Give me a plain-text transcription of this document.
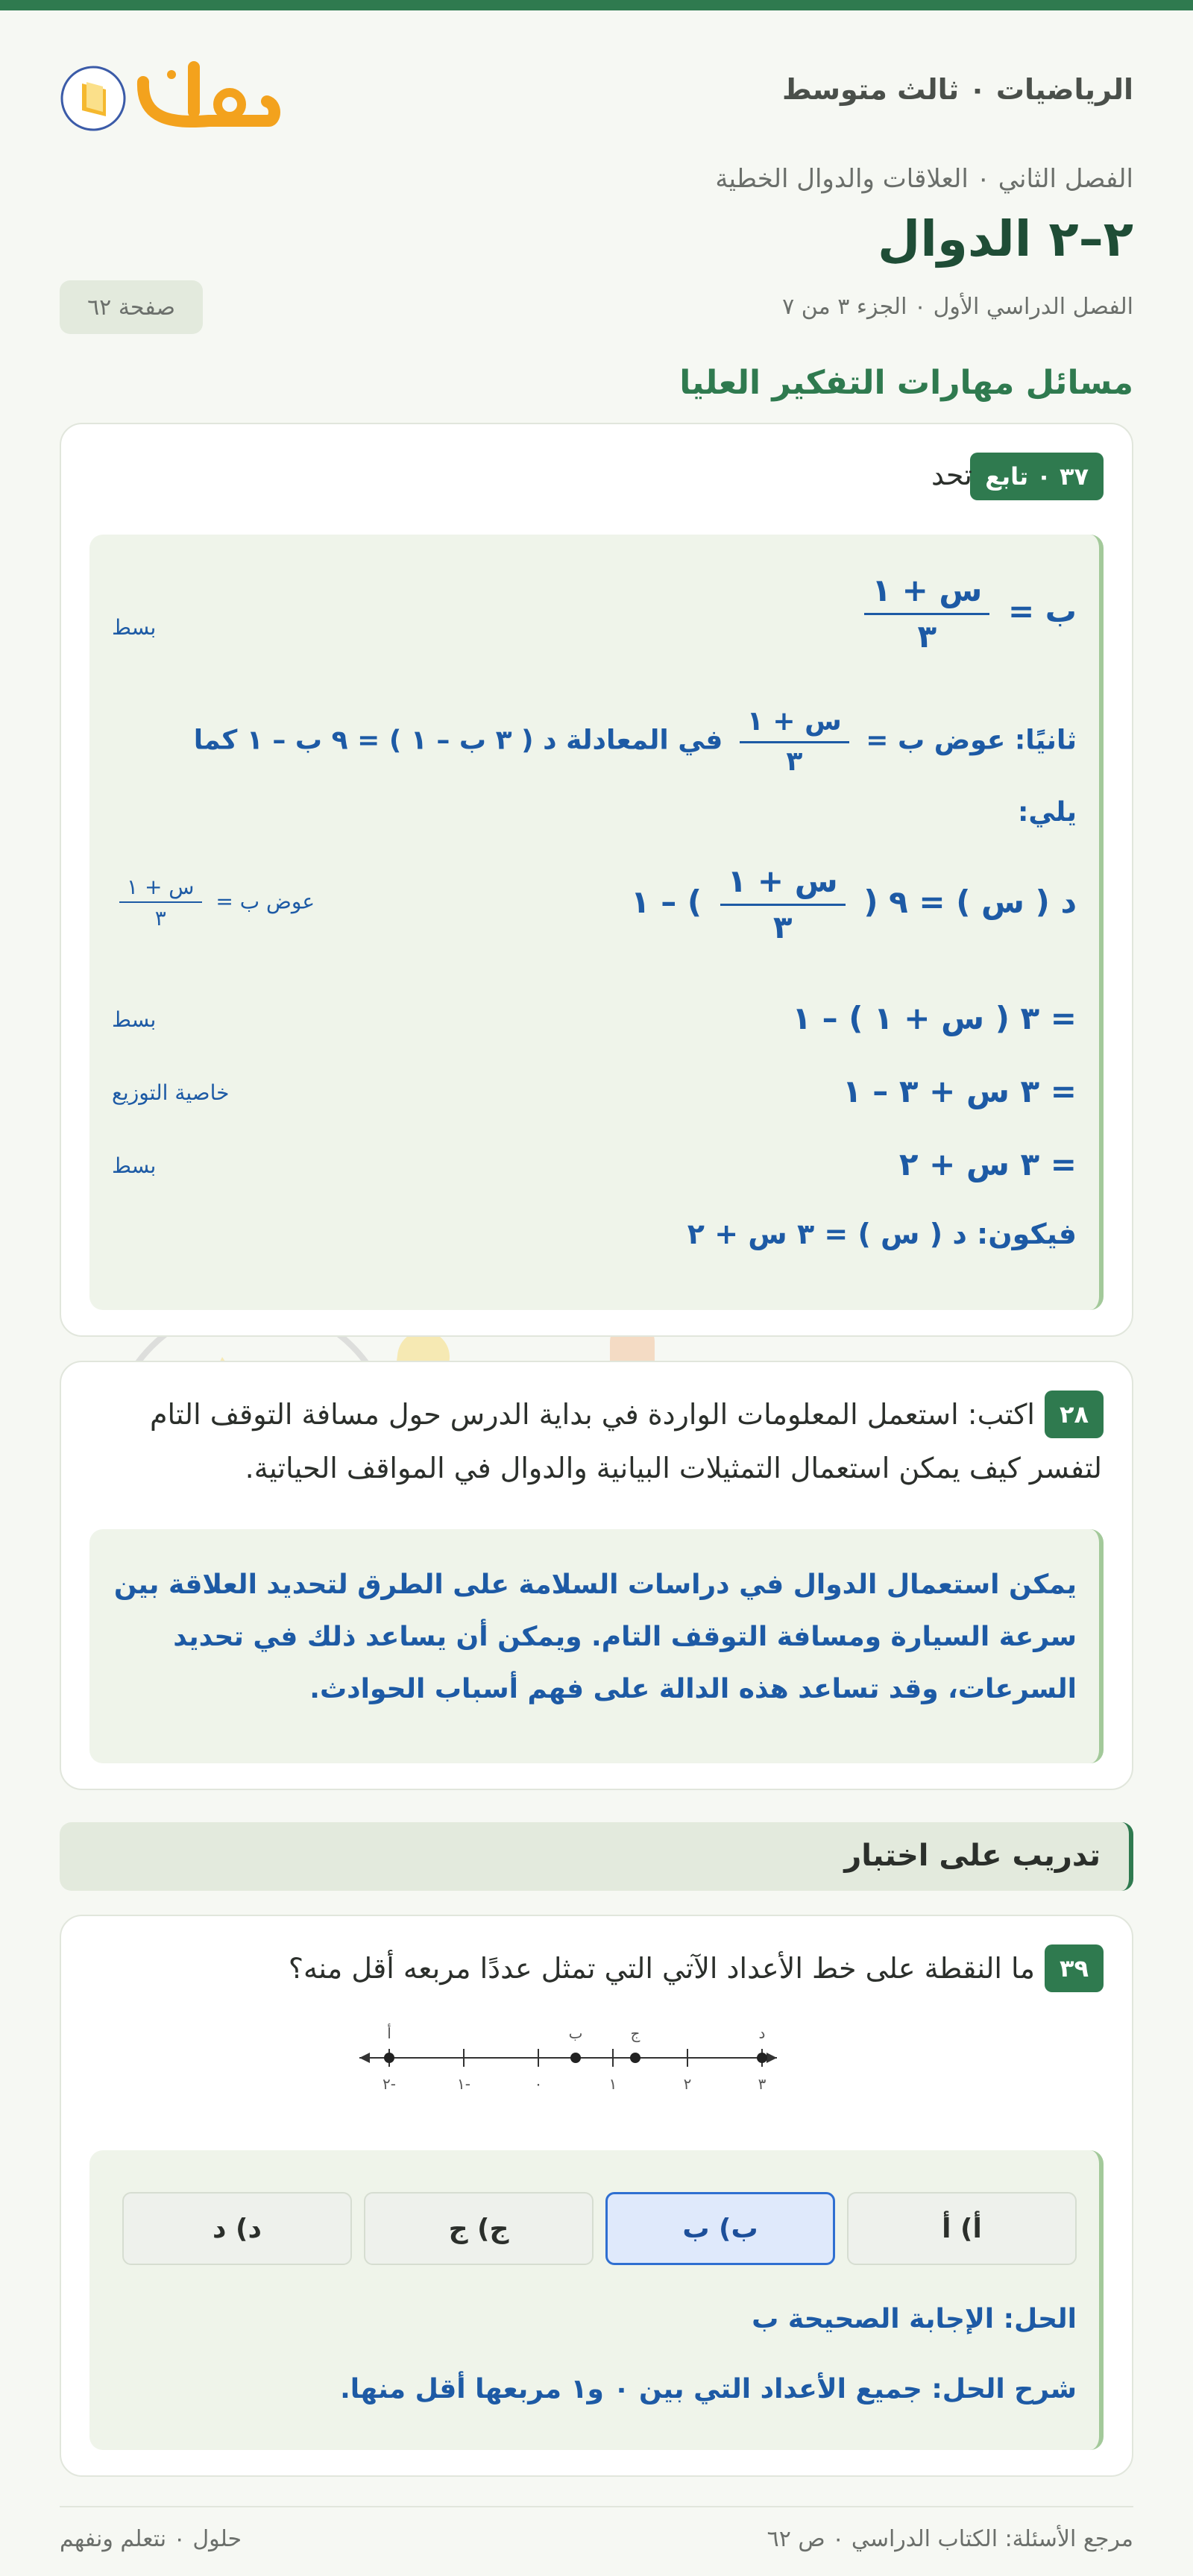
الرياضيات ٠ ثالث متوسط
الفصل الثاني ٠ العلاقات والدوال الخطية
٢–٢ الدوال
الفصل الدراسي الأول ٠ الجزء ٣ من ٧
صفحة ٦٢
مسائل مهارات التفكير العليا
٣٧ ٠ تابع
تحد
ب =
$\frac{\text{س + ١}}{٣}$
بسط
ثانيًا: عوض ب =
$\frac{\text{س + ١}}{٣}$
في المعادلة د ( ٣ ب – ١ ) = ٩ ب – ١ كما
يلي:
د ( س ) = ٩ (
$\frac{\text{س + ١}}{٣}$
) – ١
عوض ب =
$\frac{\text{س + ١}}{٣}$
= ٣ ( س + ١ ) – ١
بسط
= ٣ س + ٣ – ١
خاصية التوزيع
= ٣ س + ٢
بسط
فيكون: د ( س ) = ٣ س + ٢
٢٨
اكتب: استعمل المعلومات الواردة في بداية الدرس حول مسافة التوقف التام
لتفسر كيف يمكن استعمال التمثيلات البيانية والدوال في المواقف الحياتية.
يمكن استعمال الدوال في دراسات السلامة على الطرق لتحديد العلاقة بين
سرعة السيارة ومسافة التوقف التام. ويمكن أن يساعد ذلك في تحديد
السرعات، وقد تساعد هذه الدالة على فهم أسباب الحوادث.
تدريب على اختبار
٣٩
ما النقطة على خط الأعداد الآتي التي تمثل عددًا مربعه أقل منه؟
-٢	-١	٠	١	٢	٣
أ	ب	ج	د
أ) أ
ب) ب
ج) ج
د) د
الحل: الإجابة الصحيحة ب
شرح الحل: جميع الأعداد التي بين ٠ و١ مربعها أقل منها.
مرجع الأسئلة: الكتاب الدراسي ٠ ص ٦٢
حلول ٠ نتعلم ونفهم
